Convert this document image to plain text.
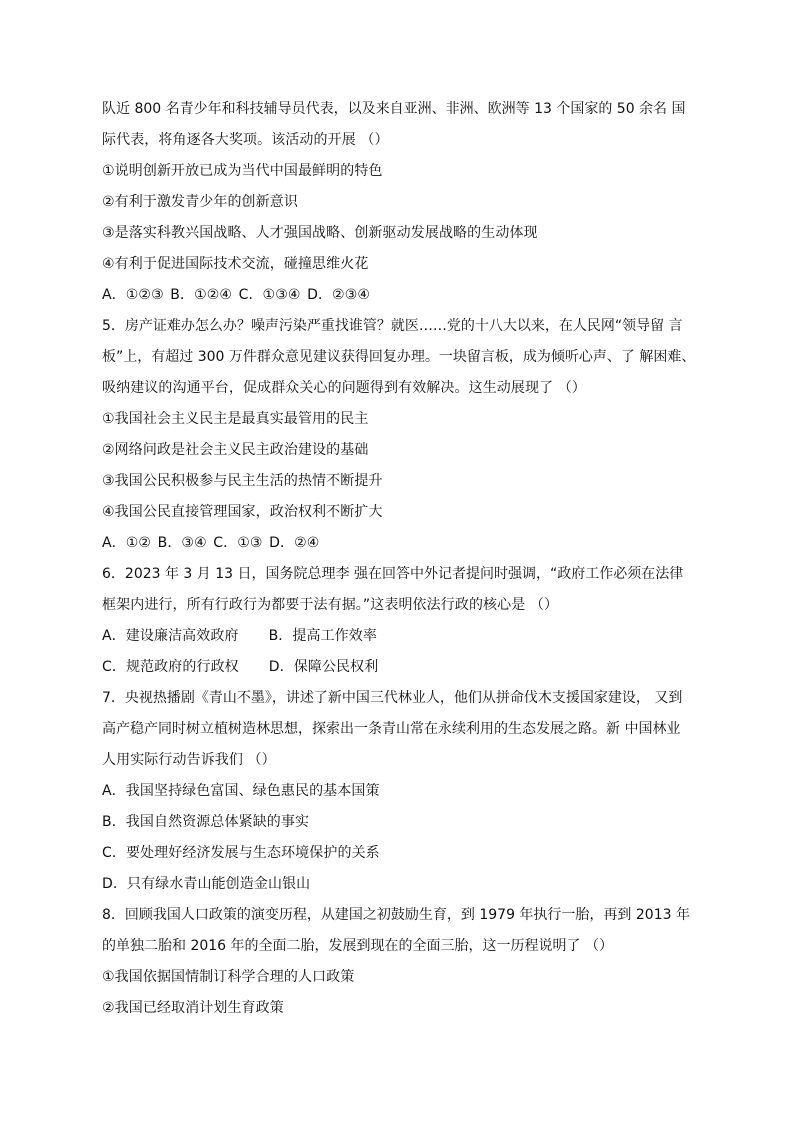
队近 800 名青少年和科技辅导员代表，以及来自亚洲、非洲、欧洲等 13 个国家的 50 余名 国
际代表，将角逐各大奖项。该活动的开展 （）
①说明创新开放已成为当代中国最鲜明的特色
②有利于激发青少年的创新意识
③是落实科教兴国战略、人才强国战略、创新驱动发展战略的生动体现
④有利于促进国际技术交流，碰撞思维火花
A．①②③ B．①②④ C．①③④ D．②③④
5．房产证难办怎么办？噪声污染严重找谁管？就医……党的十八大以来，在人民网“领导留 言
板”上，有超过 300 万件群众意见建议获得回复办理。一块留言板，成为倾听心声、了 解困难、
吸纳建议的沟通平台，促成群众关心的问题得到有效解决。这生动展现了 （）
①我国社会主义民主是最真实最管用的民主
②网络问政是社会主义民主政治建设的基础
③我国公民积极参与民主生活的热情不断提升
④我国公民直接管理国家，政治权利不断扩大
A．①② B．③④ C．①③ D．②④
6．2023 年 3 月 13 日，国务院总理李 强在回答中外记者提问时强调，“政府工作必须在法律
框架内进行，所有行政行为都要于法有据。”这表明依法行政的核心是 （）
A．建设廉洁高效政府 B．提高工作效率
C．规范政府的行政权 D．保障公民权利
7．央视热播剧《青山不墨》，讲述了新中国三代林业人，他们从拼命伐木支援国家建设， 又到
高产稳产同时树立植树造林思想，探索出一条青山常在永续利用的生态发展之路。新 中国林业
人用实际行动告诉我们 （）
A．我国坚持绿色富国、绿色惠民的基本国策
B．我国自然资源总体紧缺的事实
C．要处理好经济发展与生态环境保护的关系
D．只有绿水青山能创造金山银山
8．回顾我国人口政策的演变历程，从建国之初鼓励生育，到 1979 年执行一胎，再到 2013 年
的单独二胎和 2016 年的全面二胎，发展到现在的全面三胎，这一历程说明了 （）
①我国依据国情制订科学合理的人口政策
②我国已经取消计划生育政策
